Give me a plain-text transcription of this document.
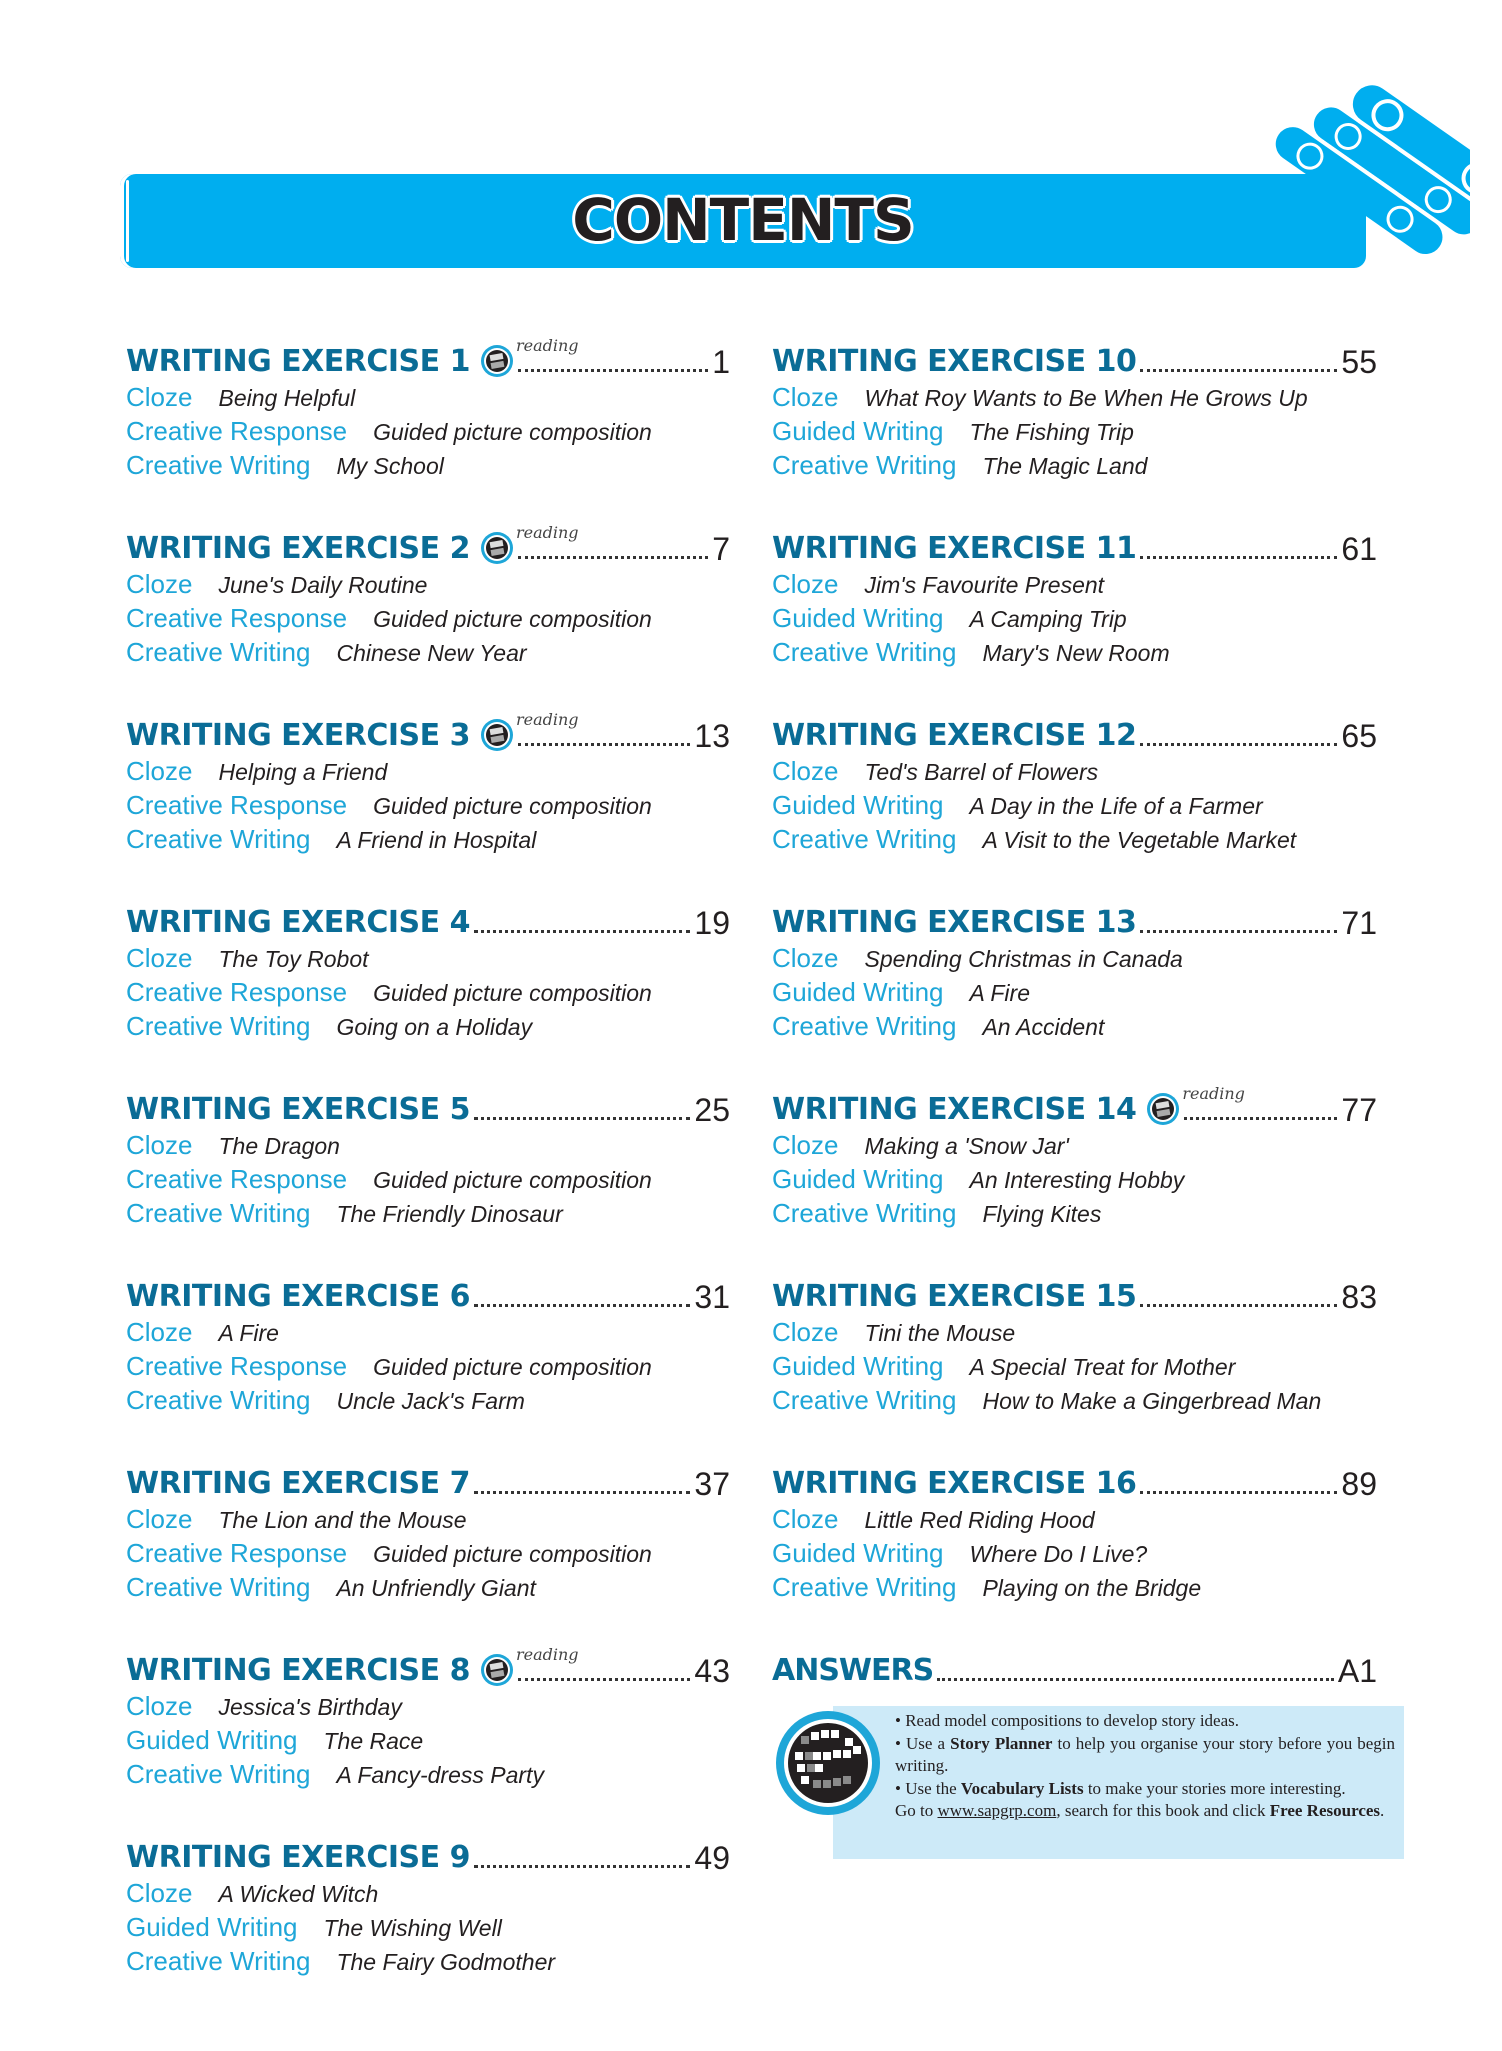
CONTENTS
WRITING EXERCISE 1	reading	1
Cloze Being Helpful
Creative Response Guided picture composition
Creative Writing My School
WRITING EXERCISE 2	reading	7
Cloze June's Daily Routine
Creative Response Guided picture composition
Creative Writing Chinese New Year
WRITING EXERCISE 3	reading	13
Cloze Helping a Friend
Creative Response Guided picture composition
Creative Writing A Friend in Hospital
WRITING EXERCISE 4	19
Cloze The Toy Robot
Creative Response Guided picture composition
Creative Writing Going on a Holiday
WRITING EXERCISE 5	25
Cloze The Dragon
Creative Response Guided picture composition
Creative Writing The Friendly Dinosaur
WRITING EXERCISE 6	31
Cloze A Fire
Creative Response Guided picture composition
Creative Writing Uncle Jack's Farm
WRITING EXERCISE 7	37
Cloze The Lion and the Mouse
Creative Response Guided picture composition
Creative Writing An Unfriendly Giant
WRITING EXERCISE 8	reading	43
Cloze Jessica's Birthday
Guided Writing The Race
Creative Writing A Fancy-dress Party
WRITING EXERCISE 9	49
Cloze A Wicked Witch
Guided Writing The Wishing Well
Creative Writing The Fairy Godmother
WRITING EXERCISE 10	55
Cloze What Roy Wants to Be When He Grows Up
Guided Writing The Fishing Trip
Creative Writing The Magic Land
WRITING EXERCISE 11	61
Cloze Jim's Favourite Present
Guided Writing A Camping Trip
Creative Writing Mary's New Room
WRITING EXERCISE 12	65
Cloze Ted's Barrel of Flowers
Guided Writing A Day in the Life of a Farmer
Creative Writing A Visit to the Vegetable Market
WRITING EXERCISE 13	71
Cloze Spending Christmas in Canada
Guided Writing A Fire
Creative Writing An Accident
WRITING EXERCISE 14	reading	77
Cloze Making a 'Snow Jar'
Guided Writing An Interesting Hobby
Creative Writing Flying Kites
WRITING EXERCISE 15	83
Cloze Tini the Mouse
Guided Writing A Special Treat for Mother
Creative Writing How to Make a Gingerbread Man
WRITING EXERCISE 16	89
Cloze Little Red Riding Hood
Guided Writing Where Do I Live?
Creative Writing Playing on the Bridge
ANSWERS	A1
• Read model compositions to develop story ideas.
• Use a Story Planner to help you organise your story before you begin writing.
• Use the Vocabulary Lists to make your stories more interesting.
Go to www.sapgrp.com, search for this book and click Free Resources.
